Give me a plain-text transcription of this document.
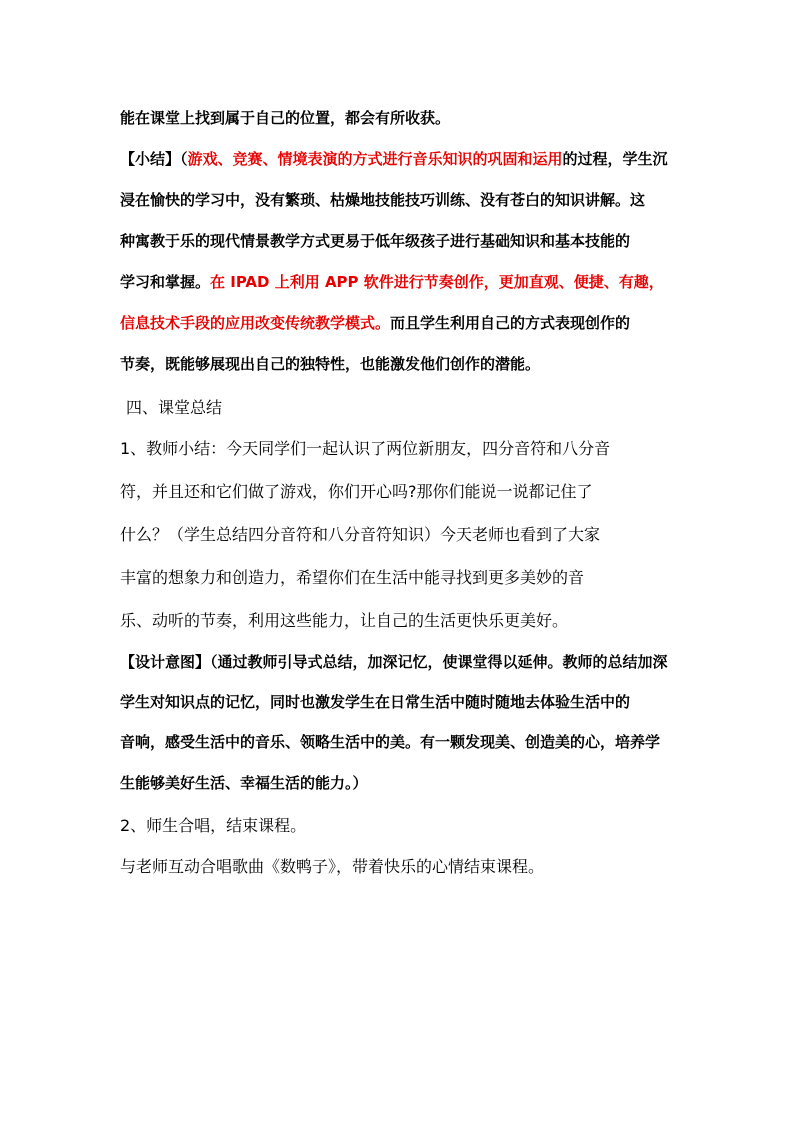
能在课堂上找到属于自己的位置，都会有所收获。
【小结】（游戏、竞赛、情境表演的方式进行音乐知识的巩固和运用的过程，学生沉
浸在愉快的学习中，没有繁琐、枯燥地技能技巧训练、没有苍白的知识讲解。这
种寓教于乐的现代情景教学方式更易于低年级孩子进行基础知识和基本技能的
学习和掌握。在 IPAD 上利用 APP 软件进行节奏创作，更加直观、便捷、有趣，
信息技术手段的应用改变传统教学模式。而且学生利用自己的方式表现创作的
节奏，既能够展现出自己的独特性，也能激发他们创作的潜能。
四、课堂总结
1、教师小结：今天同学们一起认识了两位新朋友，四分音符和八分音
符，并且还和它们做了游戏，你们开心吗?那你们能说一说都记住了
什么？（学生总结四分音符和八分音符知识）今天老师也看到了大家
丰富的想象力和创造力，希望你们在生活中能寻找到更多美妙的音
乐、动听的节奏，利用这些能力，让自己的生活更快乐更美好。
【设计意图】（通过教师引导式总结，加深记忆，使课堂得以延伸。教师的总结加深
学生对知识点的记忆，同时也激发学生在日常生活中随时随地去体验生活中的
音响，感受生活中的音乐、领略生活中的美。有一颗发现美、创造美的心，培养学
生能够美好生活、幸福生活的能力。）
2、师生合唱，结束课程。
与老师互动合唱歌曲《数鸭子》，带着快乐的心情结束课程。
